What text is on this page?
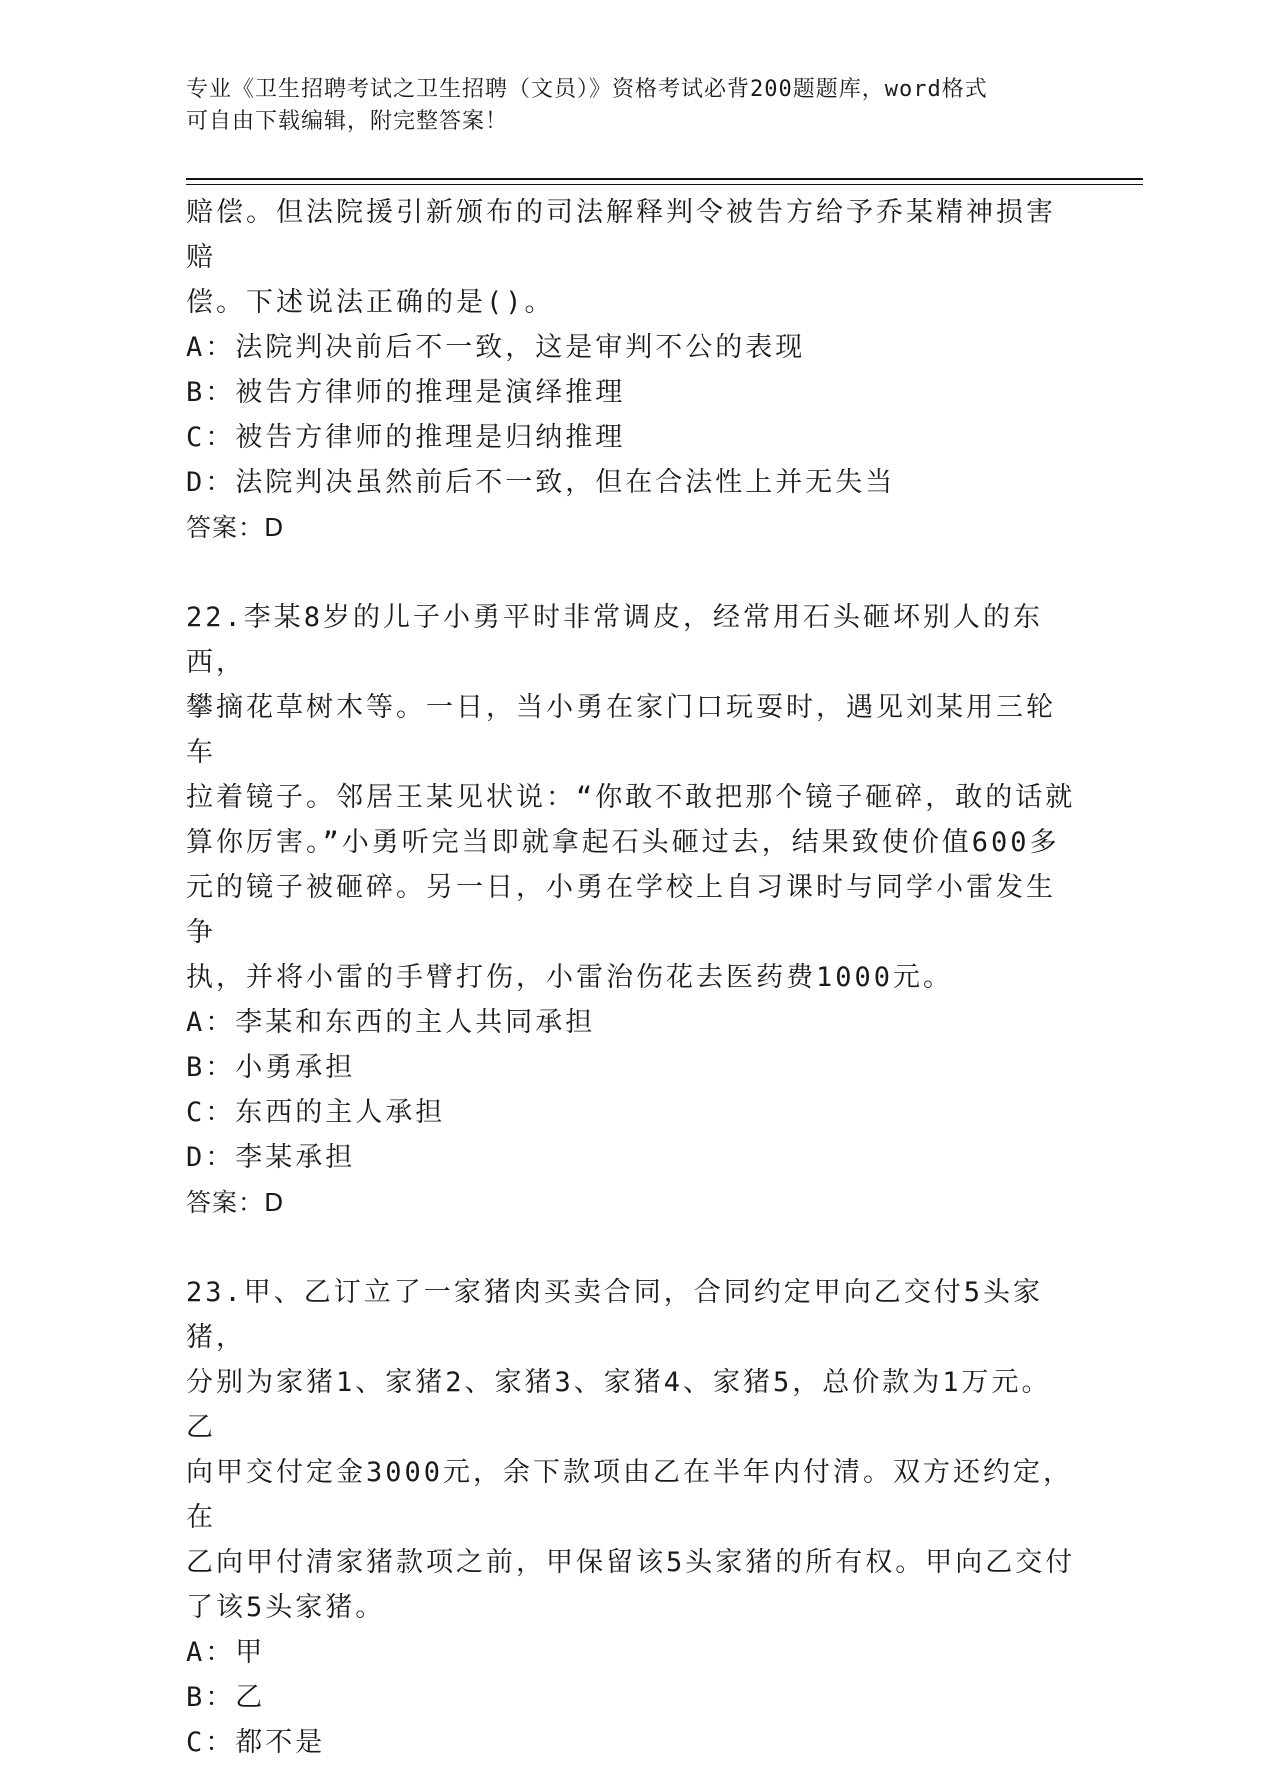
专业《卫生招聘考试之卫生招聘（文员）》资格考试必背200题题库，word格式
可自由下载编辑，附完整答案！

赔偿。但法院援引新颁布的司法解释判令被告方给予乔某精神损害赔

偿。下述说法正确的是()。

A：法院判决前后不一致，这是审判不公的表现

B：被告方律师的推理是演绎推理

C：被告方律师的推理是归纳推理

D：法院判决虽然前后不一致，但在合法性上并无失当

答案：D

22.李某8岁的儿子小勇平时非常调皮，经常用石头砸坏别人的东西，

攀摘花草树木等。一日，当小勇在家门口玩耍时，遇见刘某用三轮车

拉着镜子。邻居王某见状说：“你敢不敢把那个镜子砸碎，敢的话就

算你厉害。”小勇听完当即就拿起石头砸过去，结果致使价值600多

元的镜子被砸碎。另一日，小勇在学校上自习课时与同学小雷发生争

执，并将小雷的手臂打伤，小雷治伤花去医药费1000元。

A：李某和东西的主人共同承担

B：小勇承担

C：东西的主人承担

D：李某承担

答案：D

23.甲、乙订立了一家猪肉买卖合同，合同约定甲向乙交付5头家猪，

分别为家猪1、家猪2、家猪3、家猪4、家猪5，总价款为1万元。乙

向甲交付定金3000元，余下款项由乙在半年内付清。双方还约定，在

乙向甲付清家猪款项之前，甲保留该5头家猪的所有权。甲向乙交付

了该5头家猪。

A：甲

B：乙

C：都不是
